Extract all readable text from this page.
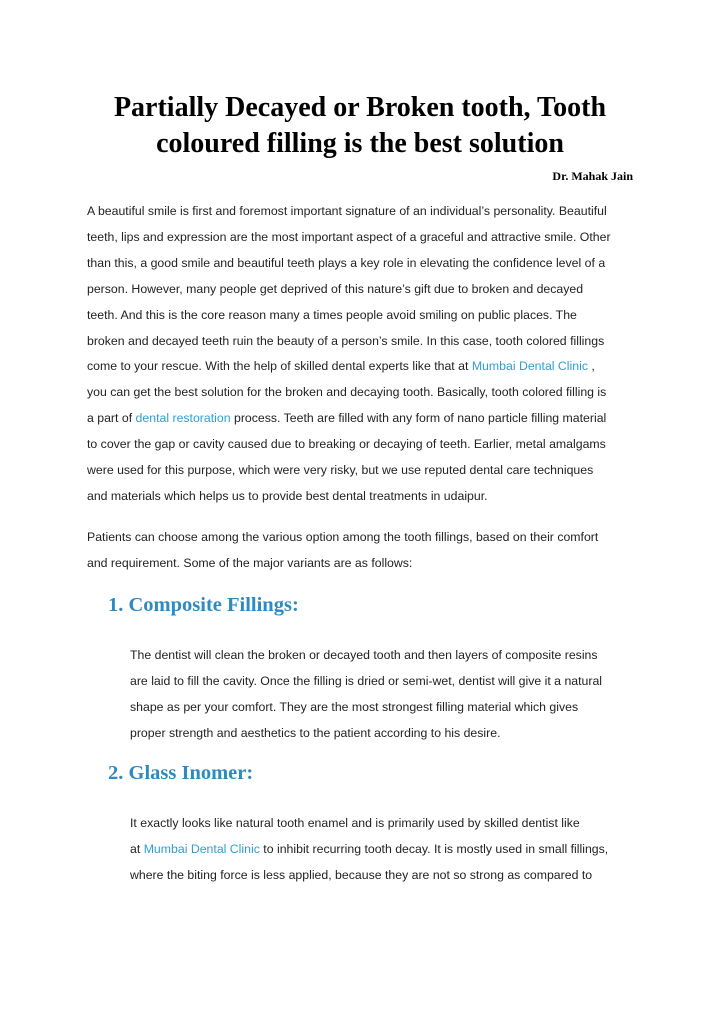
Partially Decayed or Broken tooth, Tooth
coloured filling is the best solution

Dr. Mahak Jain

A beautiful smile is first and foremost important signature of an individual’s personality. Beautiful
teeth, lips and expression are the most important aspect of a graceful and attractive smile. Other
than this, a good smile and beautiful teeth plays a key role in elevating the confidence level of a
person. However, many people get deprived of this nature’s gift due to broken and decayed
teeth. And this is the core reason many a times people avoid smiling on public places. The
broken and decayed teeth ruin the beauty of a person’s smile. In this case, tooth colored fillings
come to your rescue. With the help of skilled dental experts like that at Mumbai Dental Clinic ,
you can get the best solution for the broken and decaying tooth. Basically, tooth colored filling is
a part of dental restoration process. Teeth are filled with any form of nano particle filling material
to cover the gap or cavity caused due to breaking or decaying of teeth. Earlier, metal amalgams
were used for this purpose, which were very risky, but we use reputed dental care techniques
and materials which helps us to provide best dental treatments in udaipur.

Patients can choose among the various option among the tooth fillings, based on their comfort
and requirement. Some of the major variants are as follows:

1. Composite Fillings:

The dentist will clean the broken or decayed tooth and then layers of composite resins
are laid to fill the cavity. Once the filling is dried or semi-wet, dentist will give it a natural
shape as per your comfort. They are the most strongest filling material which gives
proper strength and aesthetics to the patient according to his desire.

2. Glass Inomer:

It exactly looks like natural tooth enamel and is primarily used by skilled dentist like
at Mumbai Dental Clinic to inhibit recurring tooth decay. It is mostly used in small fillings,
where the biting force is less applied, because they are not so strong as compared to
